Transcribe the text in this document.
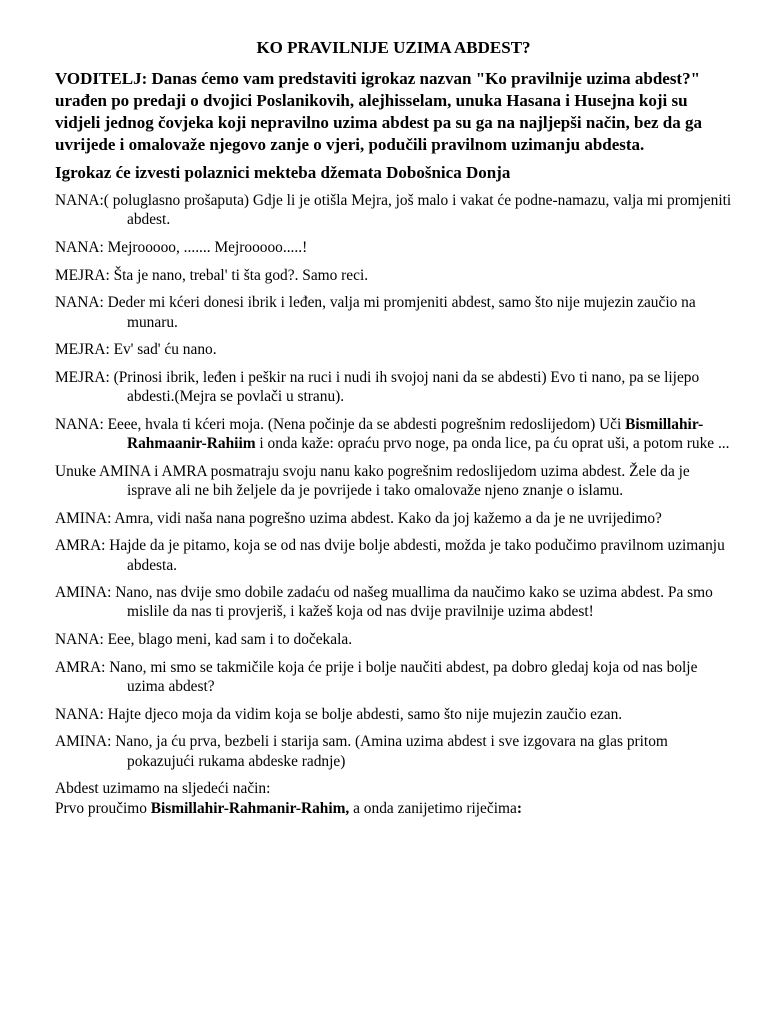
KO PRAVILNIJE UZIMA ABDEST?
VODITELJ: Danas ćemo vam predstaviti igrokaz nazvan "Ko pravilnije uzima abdest?" urađen po predaji o dvojici Poslanikovih, alejhisselam, unuka Hasana i Husejna koji su vidjeli jednog čovjeka koji nepravilno uzima abdest pa su ga na najljepši način, bez da ga uvrijede i omalovaže njegovo zanje o vjeri, podučili pravilnom uzimanju abdesta.
Igrokaz će izvesti polaznici mekteba džemata Dobošnica Donja
NANA:( poluglasno prošaputa) Gdje li je otišla Mejra, još malo i vakat će podne-namazu, valja mi promjeniti abdest.
NANA: Mejrooooo, ....... Mejrooooo.....!
MEJRA: Šta je nano, trebal' ti šta god?. Samo reci.
NANA: Deder mi kćeri donesi ibrik i leđen, valja mi promjeniti abdest, samo što nije mujezin zaučio na munaru.
MEJRA: Ev' sad' ću nano.
MEJRA: (Prinosi ibrik, leđen i peškir na ruci i nudi ih svojoj nani da se abdesti) Evo ti nano, pa se lijepo abdesti.(Mejra se povlači u stranu).
NANA: Eeee, hvala ti kćeri moja. (Nena počinje da se abdesti pogrešnim redoslijedom) Uči Bismillahir-Rahmaanir-Rahiim i onda kaže: opraću prvo noge, pa onda lice, pa ću oprat uši, a potom ruke ...
Unuke AMINA i AMRA posmatraju svoju nanu kako pogrešnim redoslijedom uzima abdest. Žele da je isprave ali ne bih željele da je povrijede i tako omalovaže njeno znanje o islamu.
AMINA: Amra, vidi naša nana pogrešno uzima abdest. Kako da joj kažemo a da je ne uvrijedimo?
AMRA: Hajde da je pitamo, koja se od nas dvije bolje abdesti, možda je tako podučimo pravilnom uzimanju abdesta.
AMINA: Nano, nas dvije smo dobile zadaću od našeg muallima da naučimo kako se uzima abdest. Pa smo mislile da nas ti provjeriš, i kažeš koja od nas dvije pravilnije uzima abdest!
NANA: Eee, blago meni, kad sam i to dočekala.
AMRA: Nano, mi smo se takmičile koja će prije i bolje naučiti abdest, pa dobro gledaj koja od nas bolje uzima abdest?
NANA: Hajte djeco moja da vidim koja se bolje abdesti, samo što nije mujezin zaučio ezan.
AMINA: Nano, ja ću prva, bezbeli i starija sam. (Amina uzima abdest i sve izgovara na glas pritom pokazujući rukama abdeske radnje)
Abdest uzimamo na sljedeći način:
Prvo proučimo Bismillahir-Rahmanir-Rahim, a onda zanijetimo riječima:
